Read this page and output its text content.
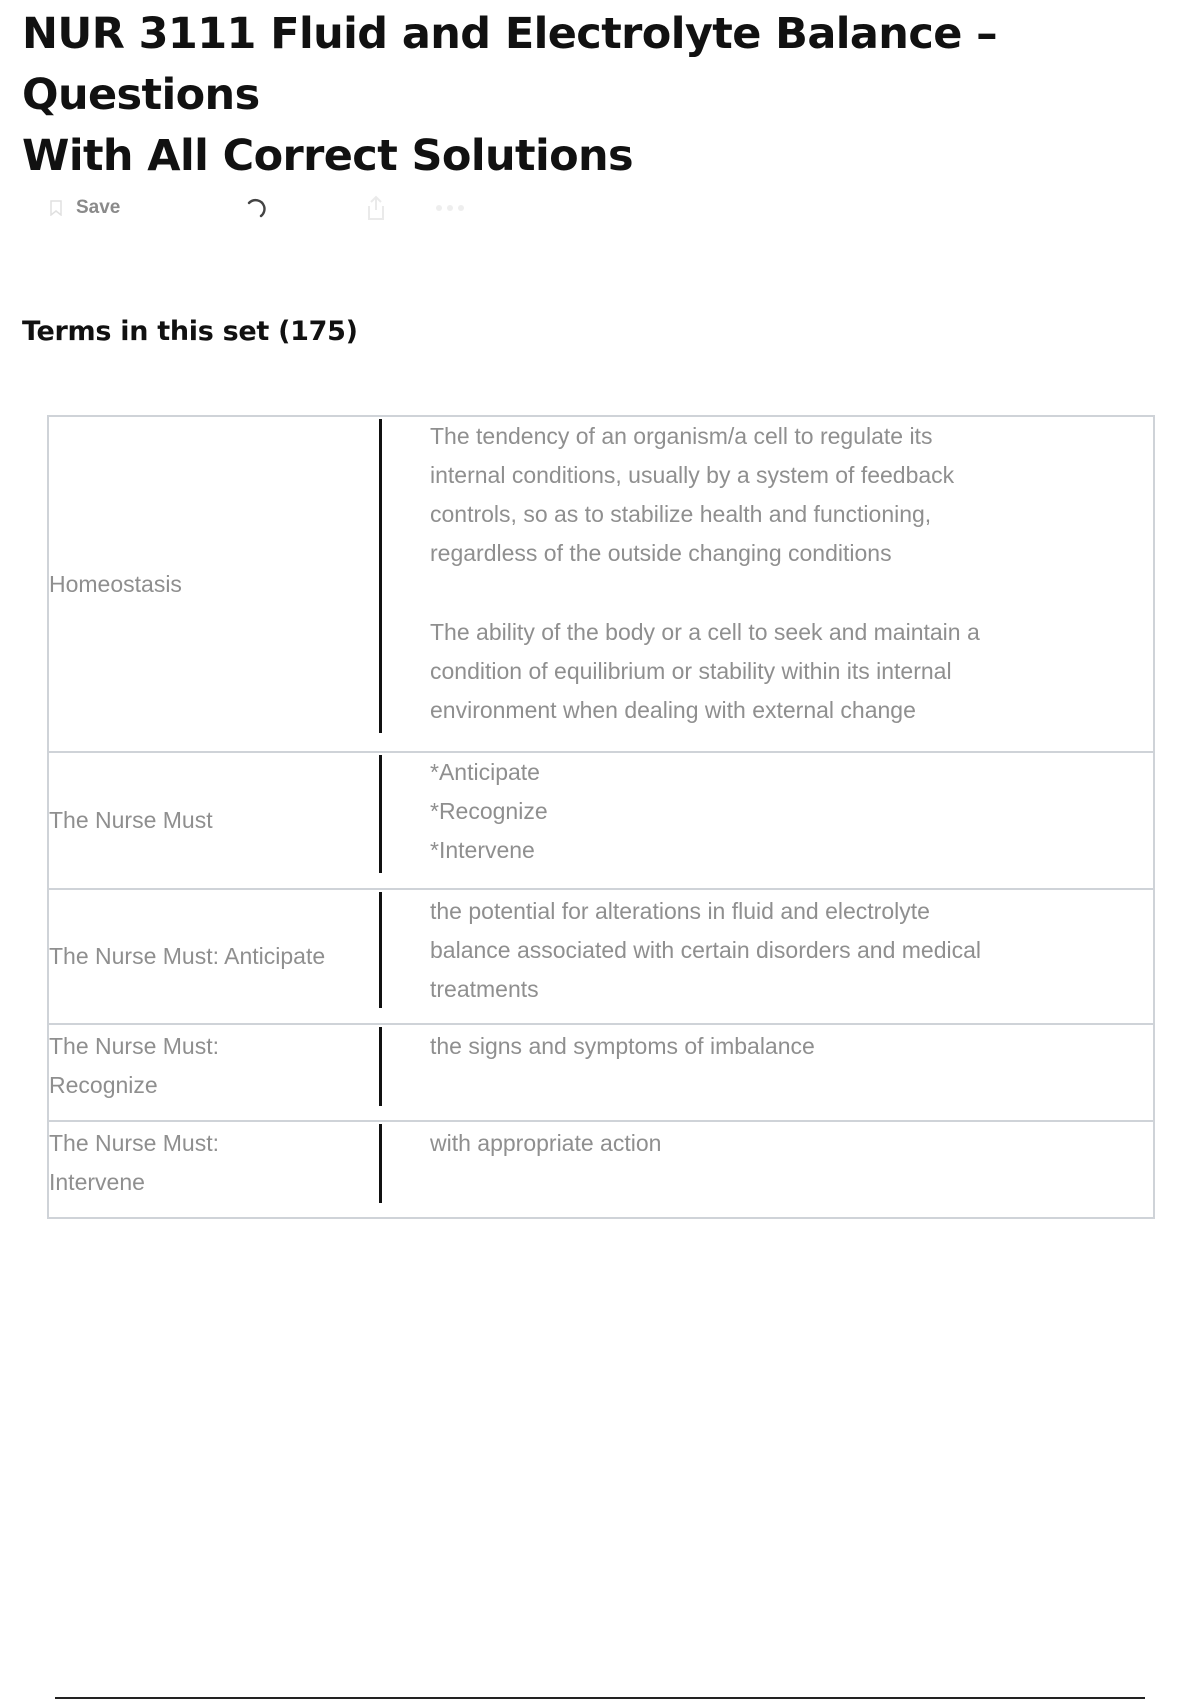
NUR 3111 Fluid and Electrolyte Balance – Questions
With All Correct Solutions
Save
Terms in this set (175)
Homeostasis
The tendency of an organism/a cell to regulate its
internal conditions, usually by a system of feedback
controls, so as to stabilize health and functioning,
regardless of the outside changing conditions
The ability of the body or a cell to seek and maintain a
condition of equilibrium or stability within its internal
environment when dealing with external change
The Nurse Must
*Anticipate
*Recognize
*Intervene
The Nurse Must: Anticipate
the potential for alterations in fluid and electrolyte
balance associated with certain disorders and medical
treatments
The Nurse Must:
Recognize
the signs and symptoms of imbalance
The Nurse Must:
Intervene
with appropriate action
